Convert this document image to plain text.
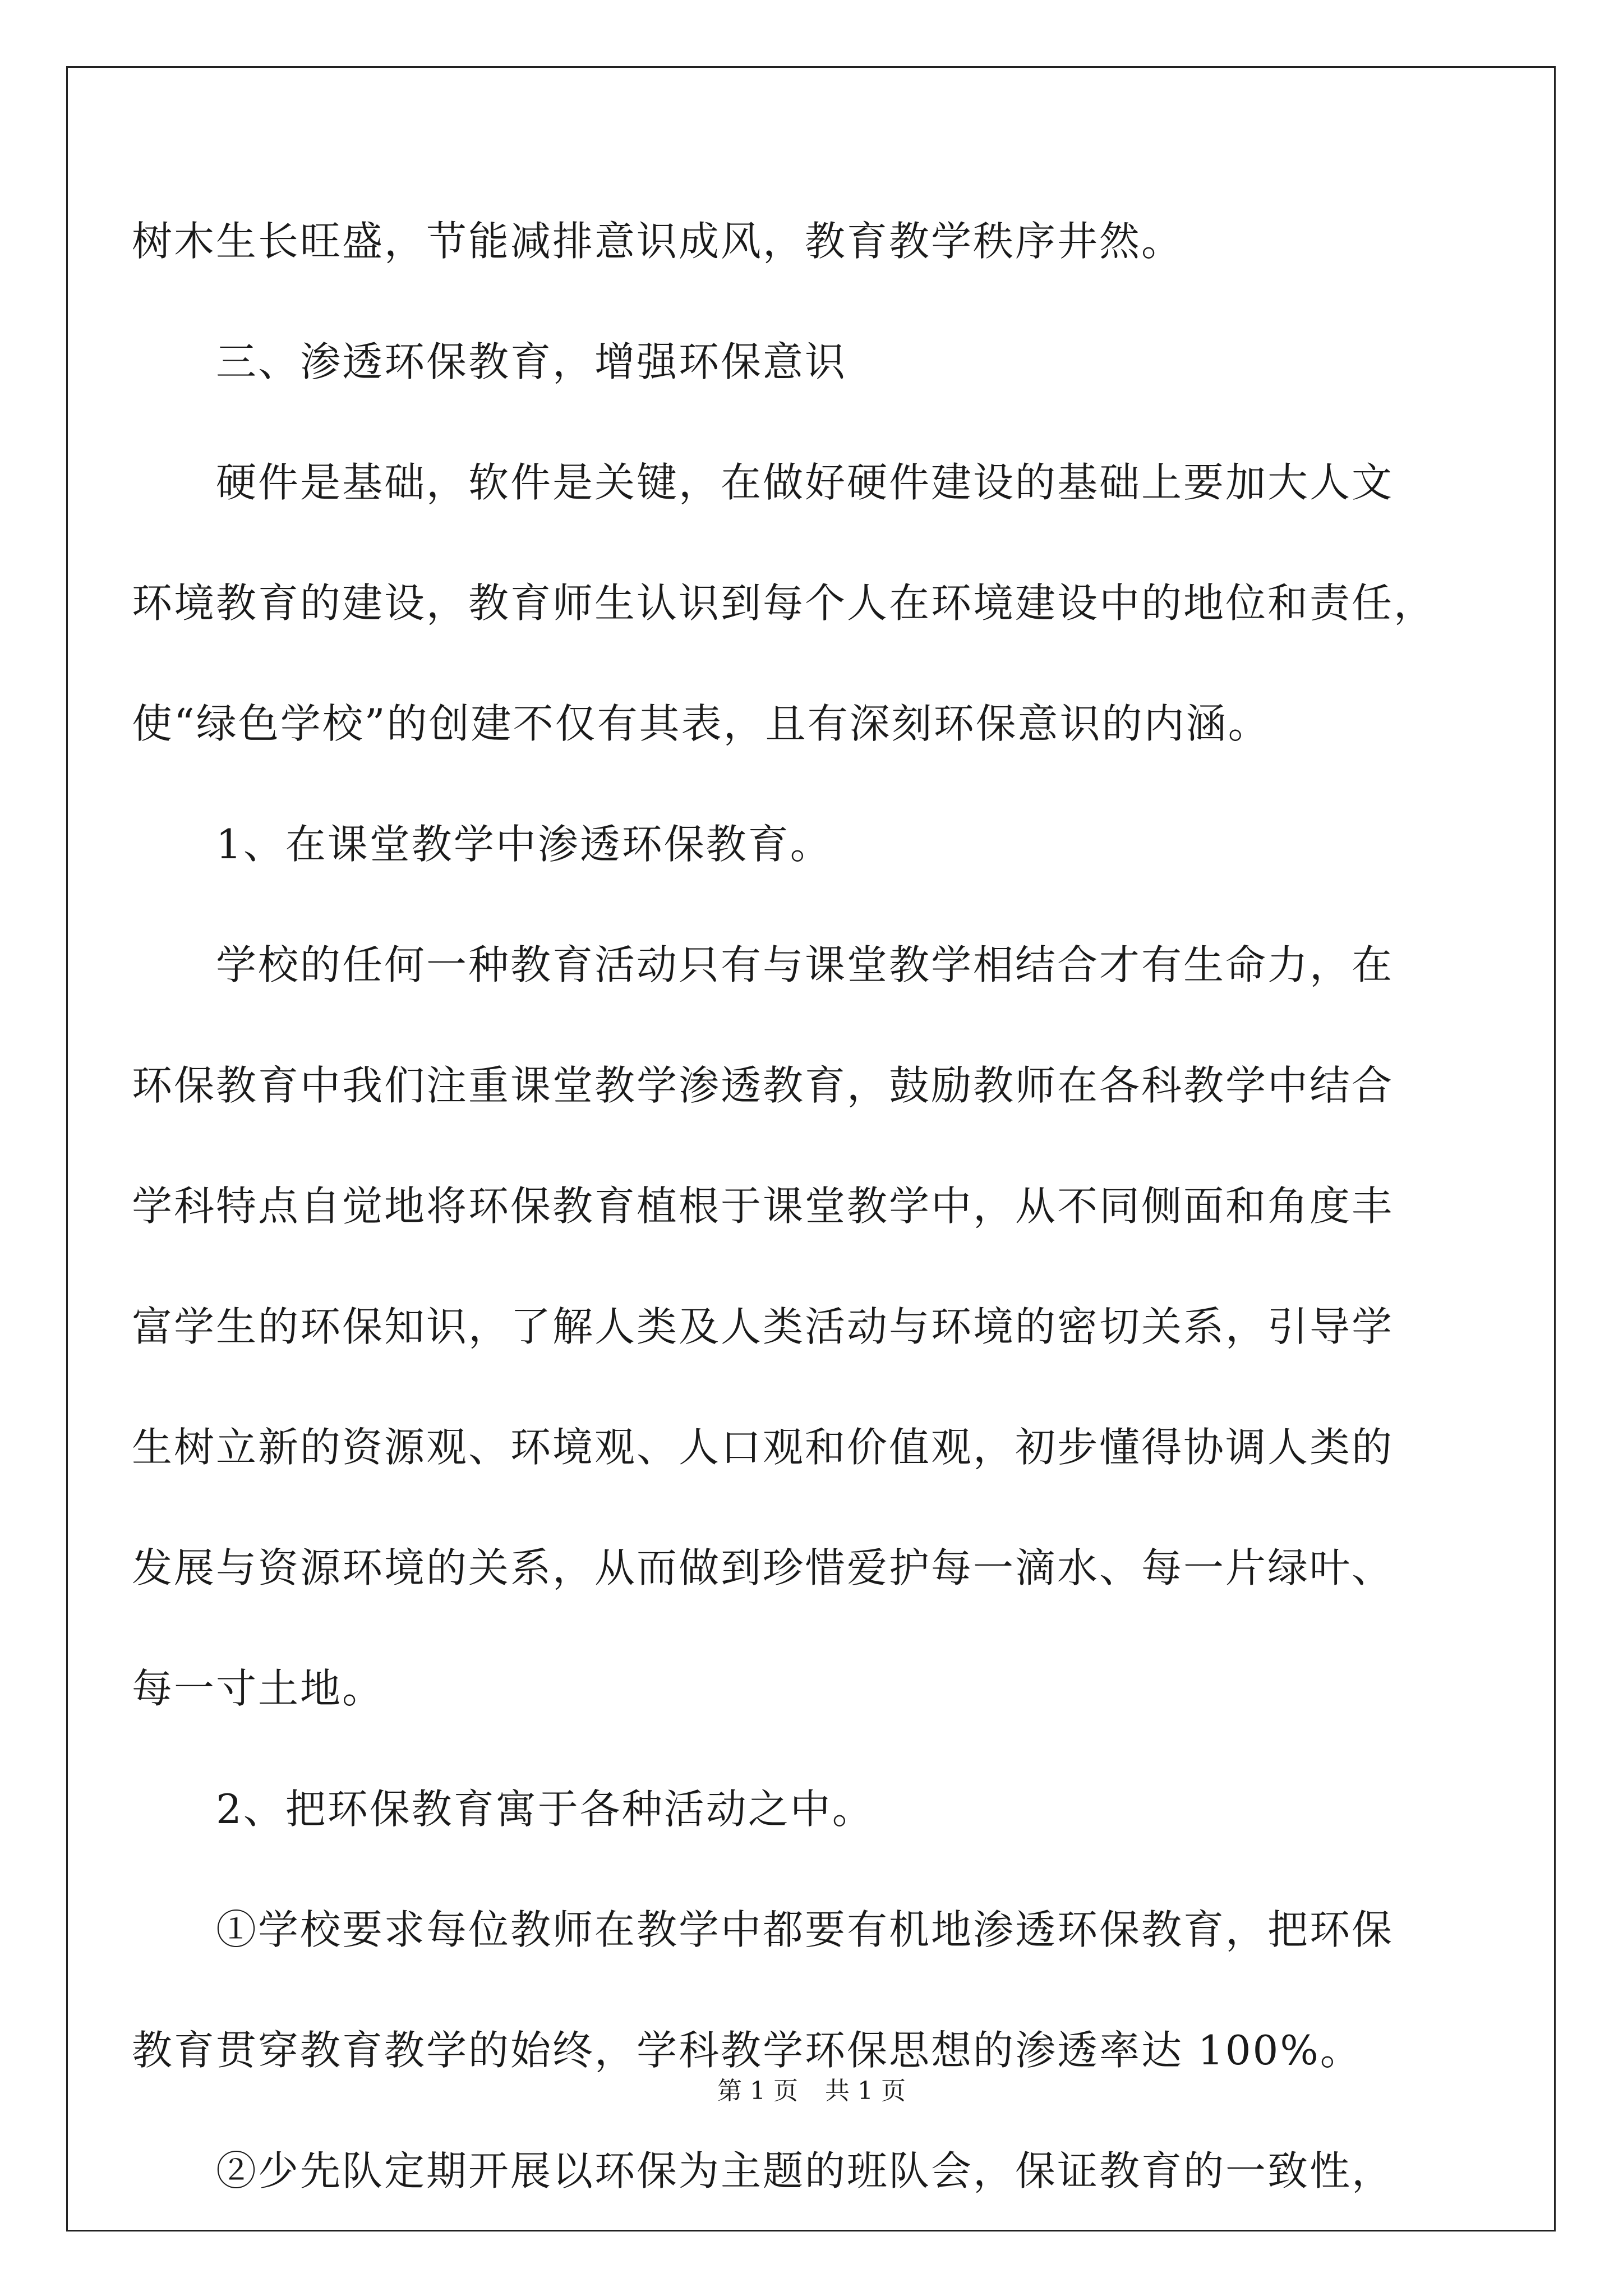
树木生长旺盛，节能减排意识成风，教育教学秩序井然。
三、渗透环保教育，增强环保意识
硬件是基础，软件是关键，在做好硬件建设的基础上要加大人文
环境教育的建设，教育师生认识到每个人在环境建设中的地位和责任，
使“绿色学校”的创建不仅有其表，且有深刻环保意识的内涵。
1、在课堂教学中渗透环保教育。
学校的任何一种教育活动只有与课堂教学相结合才有生命力，在
环保教育中我们注重课堂教学渗透教育，鼓励教师在各科教学中结合
学科特点自觉地将环保教育植根于课堂教学中，从不同侧面和角度丰
富学生的环保知识，了解人类及人类活动与环境的密切关系，引导学
生树立新的资源观、环境观、人口观和价值观，初步懂得协调人类的
发展与资源环境的关系，从而做到珍惜爱护每一滴水、每一片绿叶、
每一寸土地。
2、把环保教育寓于各种活动之中。
①学校要求每位教师在教学中都要有机地渗透环保教育，把环保
教育贯穿教育教学的始终，学科教学环保思想的渗透率达 100%。
②少先队定期开展以环保为主题的班队会，保证教育的一致性，
第 1 页 共 1 页
